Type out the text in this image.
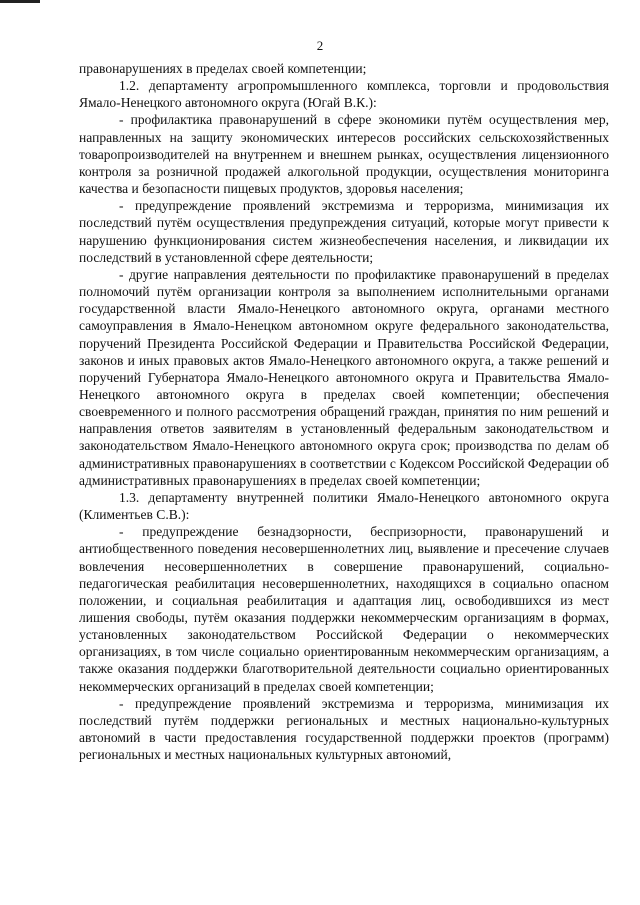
2

правонарушениях в пределах своей компетенции;

1.2. департаменту агропромышленного комплекса, торговли и продовольствия Ямало-Ненецкого автономного округа (Югай В.К.):

- профилактика правонарушений в сфере экономики путём осуществления мер, направленных на защиту экономических интересов российских сельскохозяйственных товаропроизводителей на внутреннем и внешнем рынках, осуществления лицензионного контроля за розничной продажей алкогольной продукции, осуществления мониторинга качества и безопасности пищевых продуктов, здоровья населения;

- предупреждение проявлений экстремизма и терроризма, минимизация их последствий путём осуществления предупреждения ситуаций, которые могут привести к нарушению функционирования систем жизнеобеспечения населения, и ликвидации их последствий в установленной сфере деятельности;

- другие направления деятельности по профилактике правонарушений в пределах полномочий путём организации контроля за выполнением исполнительными органами государственной власти Ямало-Ненецкого автономного округа, органами местного самоуправления в Ямало-Ненецком автономном округе федерального законодательства, поручений Президента Российской Федерации и Правительства Российской Федерации, законов и иных правовых актов Ямало-Ненецкого автономного округа, а также решений и поручений Губернатора Ямало-Ненецкого автономного округа и Правительства Ямало-Ненецкого автономного округа в пределах своей компетенции; обеспечения своевременного и полного рассмотрения обращений граждан, принятия по ним решений и направления ответов заявителям в установленный федеральным законодательством и законодательством Ямало-Ненецкого автономного округа срок; производства по делам об административных правонарушениях в соответствии с Кодексом Российской Федерации об административных правонарушениях в пределах своей компетенции;

1.3. департаменту внутренней политики Ямало-Ненецкого автономного округа (Климентьев С.В.):

- предупреждение безнадзорности, беспризорности, правонарушений и антиобщественного поведения несовершеннолетних лиц, выявление и пресечение случаев вовлечения несовершеннолетних в совершение правонарушений, социально-педагогическая реабилитация несовершеннолетних, находящихся в социально опасном положении, и социальная реабилитация и адаптация лиц, освободившихся из мест лишения свободы, путём оказания поддержки некоммерческим организациям в формах, установленных законодательством Российской Федерации о некоммерческих организациях, в том числе социально ориентированным некоммерческим организациям, а также оказания поддержки благотворительной деятельности социально ориентированных некоммерческих организаций в пределах своей компетенции;

- предупреждение проявлений экстремизма и терроризма, минимизация их последствий путём поддержки региональных и местных национально-культурных автономий в части предоставления государственной поддержки проектов (программ) региональных и местных национальных культурных автономий,
